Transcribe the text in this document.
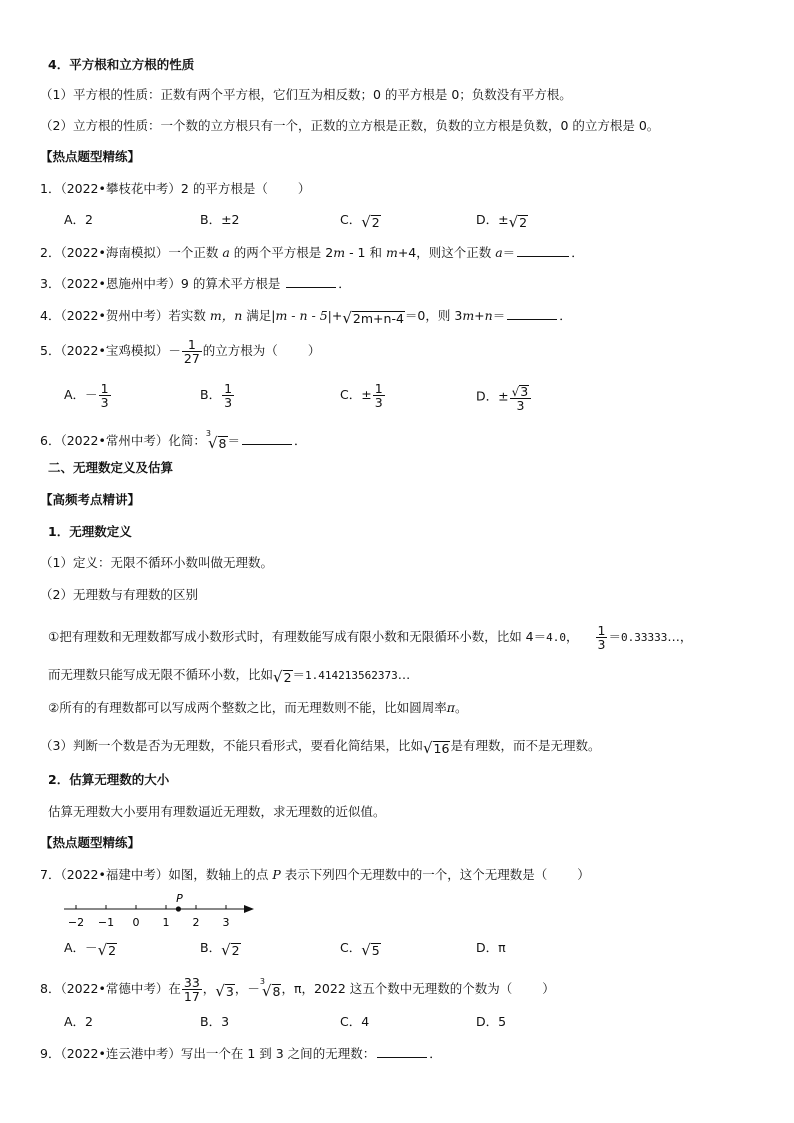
4．平方根和立方根的性质
（1）平方根的性质：正数有两个平方根，它们互为相反数；0 的平方根是 0；负数没有平方根。
（2）立方根的性质：一个数的立方根只有一个，正数的立方根是正数，负数的立方根是负数，0 的立方根是 0。
【热点题型精练】
1．（2022•攀枝花中考）2 的平方根是（ ）
A．2	B．±2	C． √ 2	D．± √ 2
2．（2022•海南模拟）一个正数 a 的两个平方根是 2m - 1 和 m+4，则这个正数 a＝	．
3．（2022•恩施州中考）9 的算术平方根是	．
4．（2022•贺州中考）若实数 m，n 满足|m - n - 5|+ √ 2m+n-4 ＝0，则 3m+n＝	．
5．（2022•宝鸡模拟）－ $\frac{1}{27}$ 的立方根为（ ）
A．－ $\frac{1}{3}$	B． $\frac{1}{3}$	C．± $\frac{1}{3}$	D．± $\frac{√ 3}{3}$
6．（2022•常州中考）化简：$^3$
√ 8 ＝	．
二、无理数定义及估算
【高频考点精讲】
1．无理数定义
（1）定义：无限不循环小数叫做无理数。
（2）无理数与有理数的区别
①把有理数和无理数都写成小数形式时，有理数能写成有限小数和无限循环小数，比如 4＝4.0， $\frac{1}{3}$ ＝0.33333…，
而无理数只能写成无限不循环小数，比如 √ 2 ＝1.414213562373…
②所有的有理数都可以写成两个整数之比，而无理数则不能，比如圆周率π。
（3）判断一个数是否为无理数，不能只看形式，要看化简结果，比如 √ 16 是有理数，而不是无理数。
2．估算无理数的大小
估算无理数大小要用有理数逼近无理数，求无理数的近似值。
【热点题型精练】
7．（2022•福建中考）如图，数轴上的点 P 表示下列四个无理数中的一个，这个无理数是（ ）
−2 −1 0 1 2 3
P
A．－ √ 2	B． √ 2	C． √ 5	D．π
8．（2022•常德中考）在 $\frac{33}{17}$ ， √ 3 ，－$^3$
√ 8 ，π，2022 这五个数中无理数的个数为（ ）
A．2	B．3	C．4	D．5
9．（2022•连云港中考）写出一个在 1 到 3 之间的无理数：	．
